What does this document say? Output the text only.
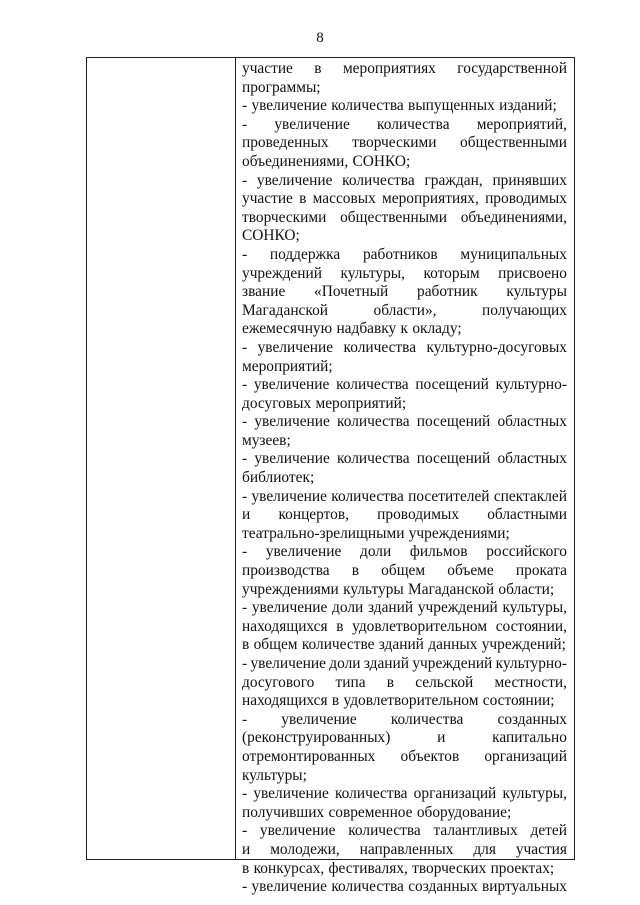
8
участие в мероприятиях государственной
программы;
- увеличение количества выпущенных изданий;
- увеличение количества мероприятий,
проведенных творческими общественными
объединениями, СОНКО;
- увеличение количества граждан, принявших
участие в массовых мероприятиях, проводимых
творческими общественными объединениями,
СОНКО;
- поддержка работников муниципальных
учреждений культуры, которым присвоено
звание «Почетный работник культуры
Магаданской	области»,	получающих
ежемесячную надбавку к окладу;
- увеличение количества культурно-досуговых
мероприятий;
- увеличение количества посещений культурно-
досуговых мероприятий;
- увеличение количества посещений областных
музеев;
- увеличение количества посещений областных
библиотек;
- увеличение количества посетителей спектаклей
и концертов, проводимых областными
театрально-зрелищными учреждениями;
- увеличение доли фильмов российского
производства в общем объеме проката
учреждениями культуры Магаданской области;
- увеличение доли зданий учреждений культуры,
находящихся в удовлетворительном состоянии,
в общем количестве зданий данных учреждений;
- увеличение доли зданий учреждений культурно-
досугового типа в сельской местности,
находящихся в удовлетворительном состоянии;
- увеличение количества созданных
(реконструированных)	и	капитально
отремонтированных объектов организаций
культуры;
- увеличение количества организаций культуры,
получивших современное оборудование;
- увеличение количества талантливых детей
и молодежи, направленных для участия
в конкурсах, фестивалях, творческих проектах;
- увеличение количества созданных виртуальных
